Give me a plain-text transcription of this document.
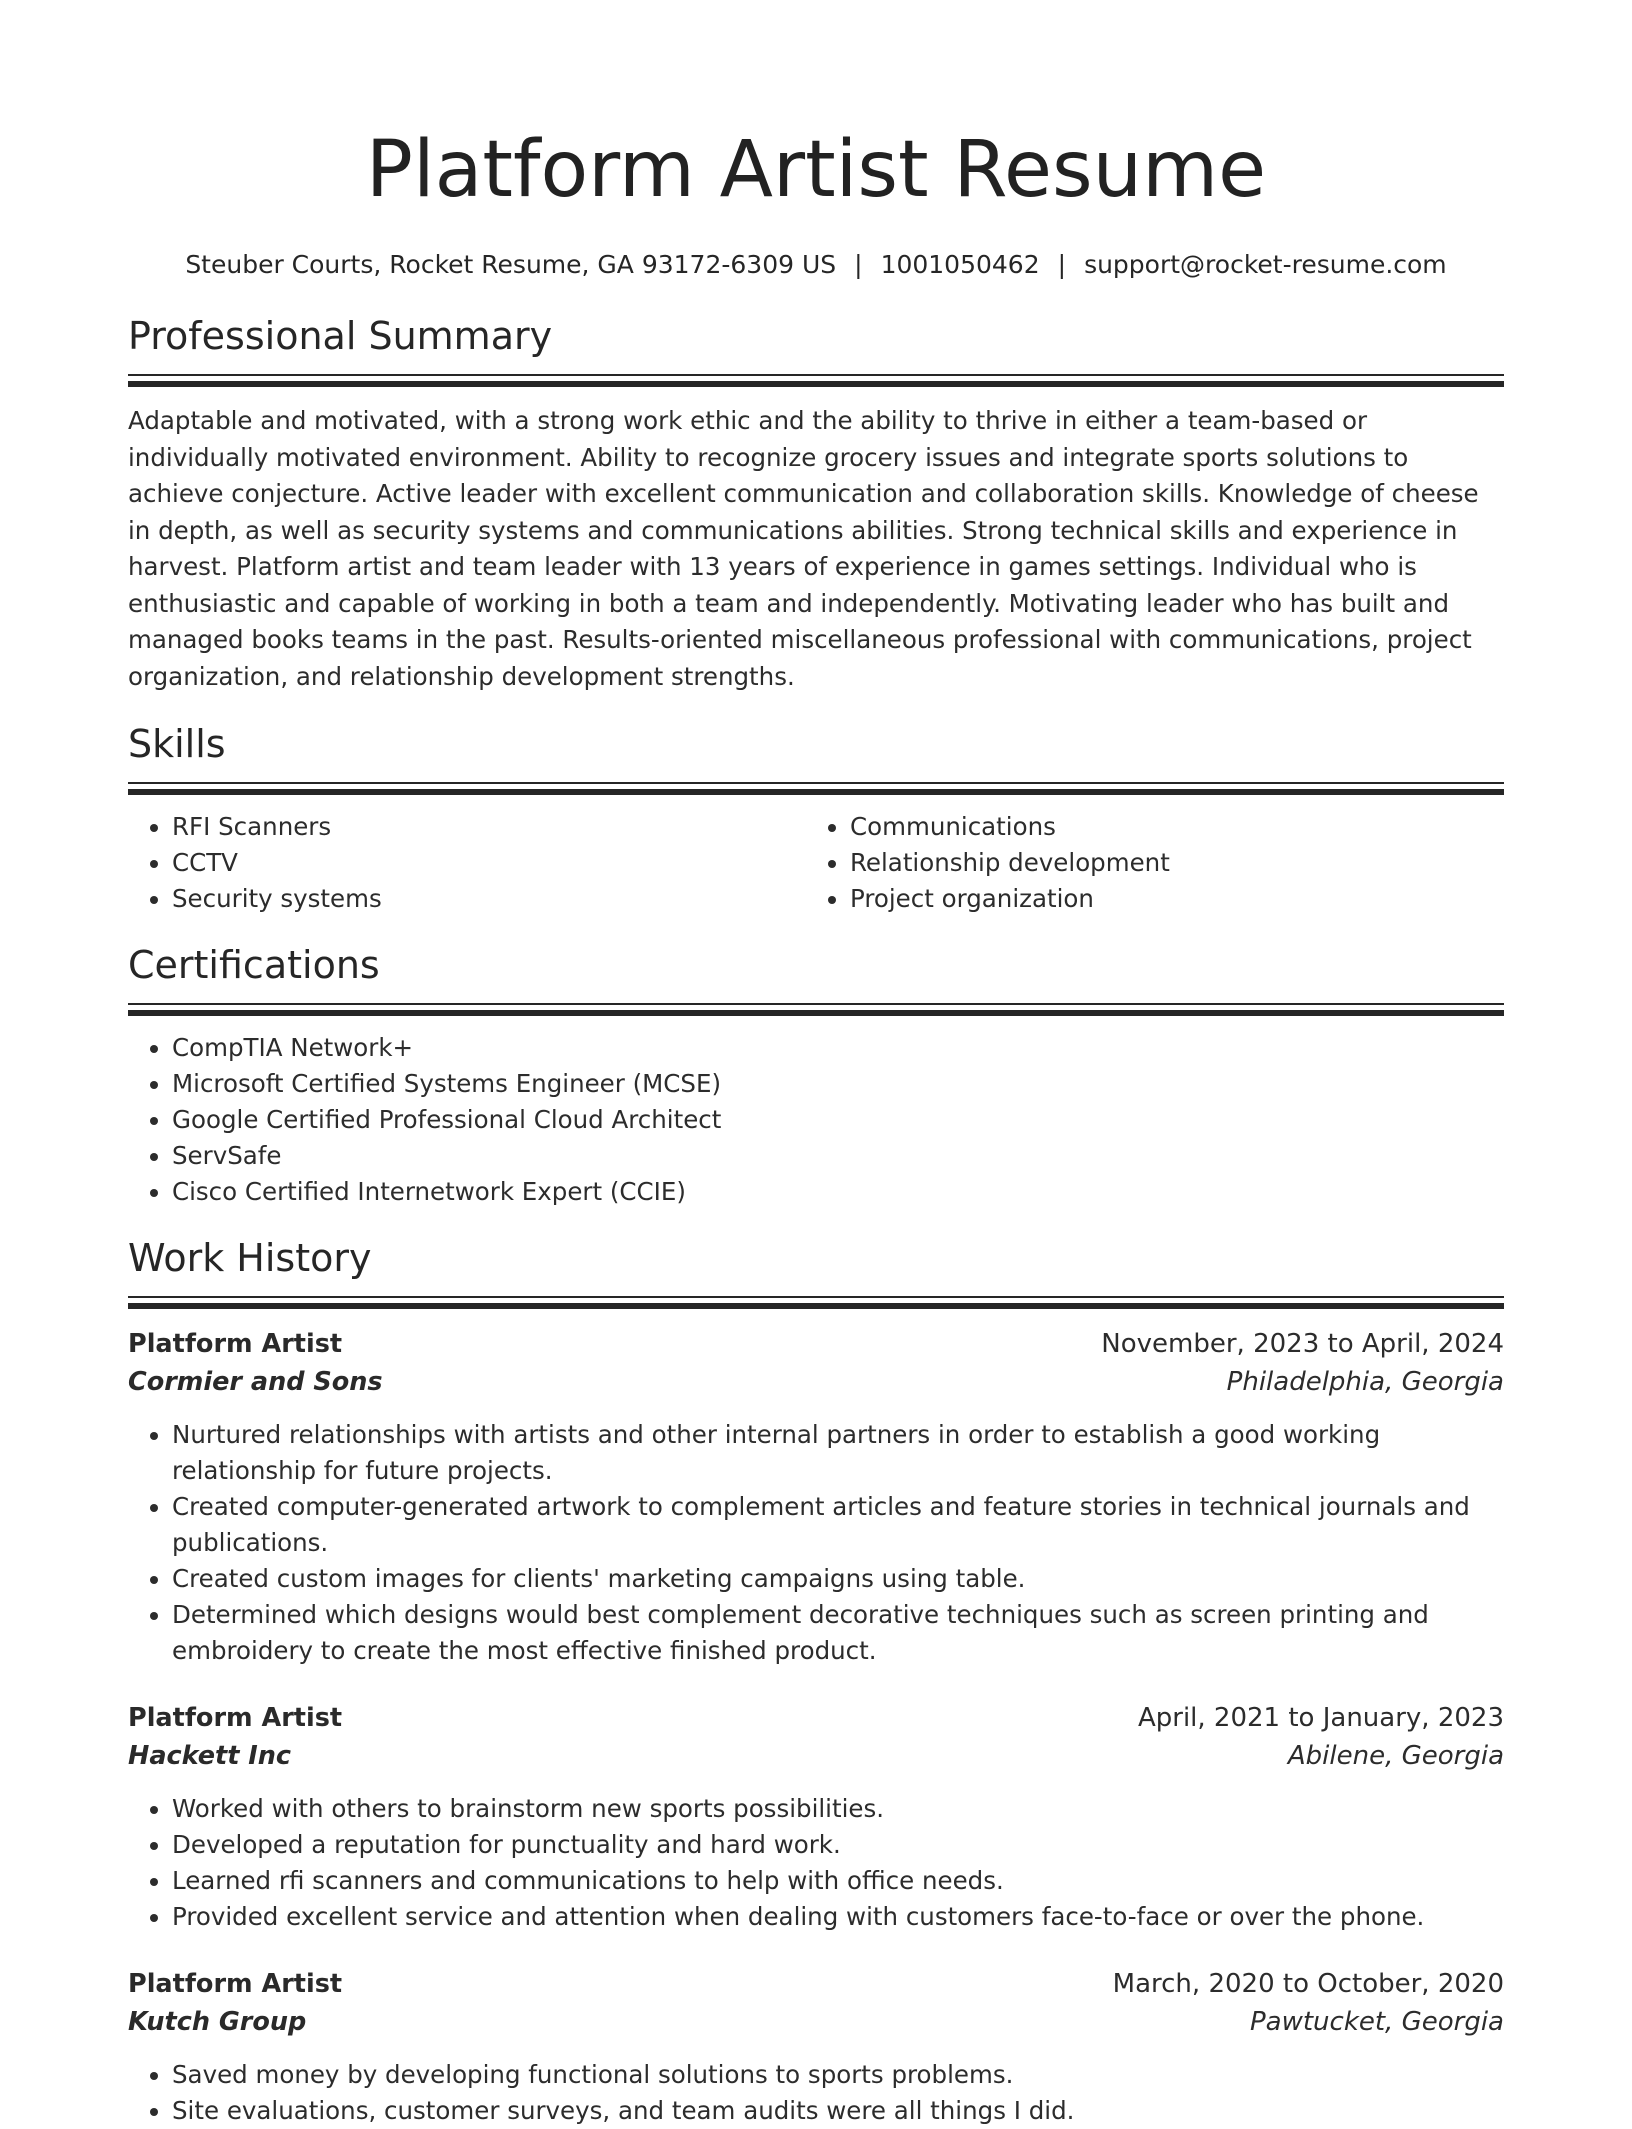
Platform Artist Resume
Steuber Courts, Rocket Resume, GA 93172-6309 US | 1001050462 | support@rocket-resume.com
Professional Summary

Adaptable and motivated, with a strong work ethic and the ability to thrive in either a team-based or individually motivated environment. Ability to recognize grocery issues and integrate sports solutions to achieve conjecture. Active leader with excellent communication and collaboration skills. Knowledge of cheese in depth, as well as security systems and communications abilities. Strong technical skills and experience in harvest. Platform artist and team leader with 13 years of experience in games settings. Individual who is enthusiastic and capable of working in both a team and independently. Motivating leader who has built and managed books teams in the past. Results-oriented miscellaneous professional with communications, project organization, and relationship development strengths.

Skills
• RFI Scanners
• CCTV
• Security systems
• Communications
• Relationship development
• Project organization
Certifications
• CompTIA Network+
• Microsoft Certified Systems Engineer (MCSE)
• Google Certified Professional Cloud Architect
• ServSafe
• Cisco Certified Internetwork Expert (CCIE)
Work History
Platform Artist	November, 2023 to April, 2024
Cormier and Sons	Philadelphia, Georgia
• Nurtured relationships with artists and other internal partners in order to establish a good working relationship for future projects.
• Created computer-generated artwork to complement articles and feature stories in technical journals and publications.
• Created custom images for clients' marketing campaigns using table.
• Determined which designs would best complement decorative techniques such as screen printing and embroidery to create the most effective finished product.
Platform Artist	April, 2021 to January, 2023
Hackett Inc	Abilene, Georgia
• Worked with others to brainstorm new sports possibilities.
• Developed a reputation for punctuality and hard work.
• Learned rfi scanners and communications to help with office needs.
• Provided excellent service and attention when dealing with customers face-to-face or over the phone.
Platform Artist	March, 2020 to October, 2020
Kutch Group	Pawtucket, Georgia
• Saved money by developing functional solutions to sports problems.
• Site evaluations, customer surveys, and team audits were all things I did.
